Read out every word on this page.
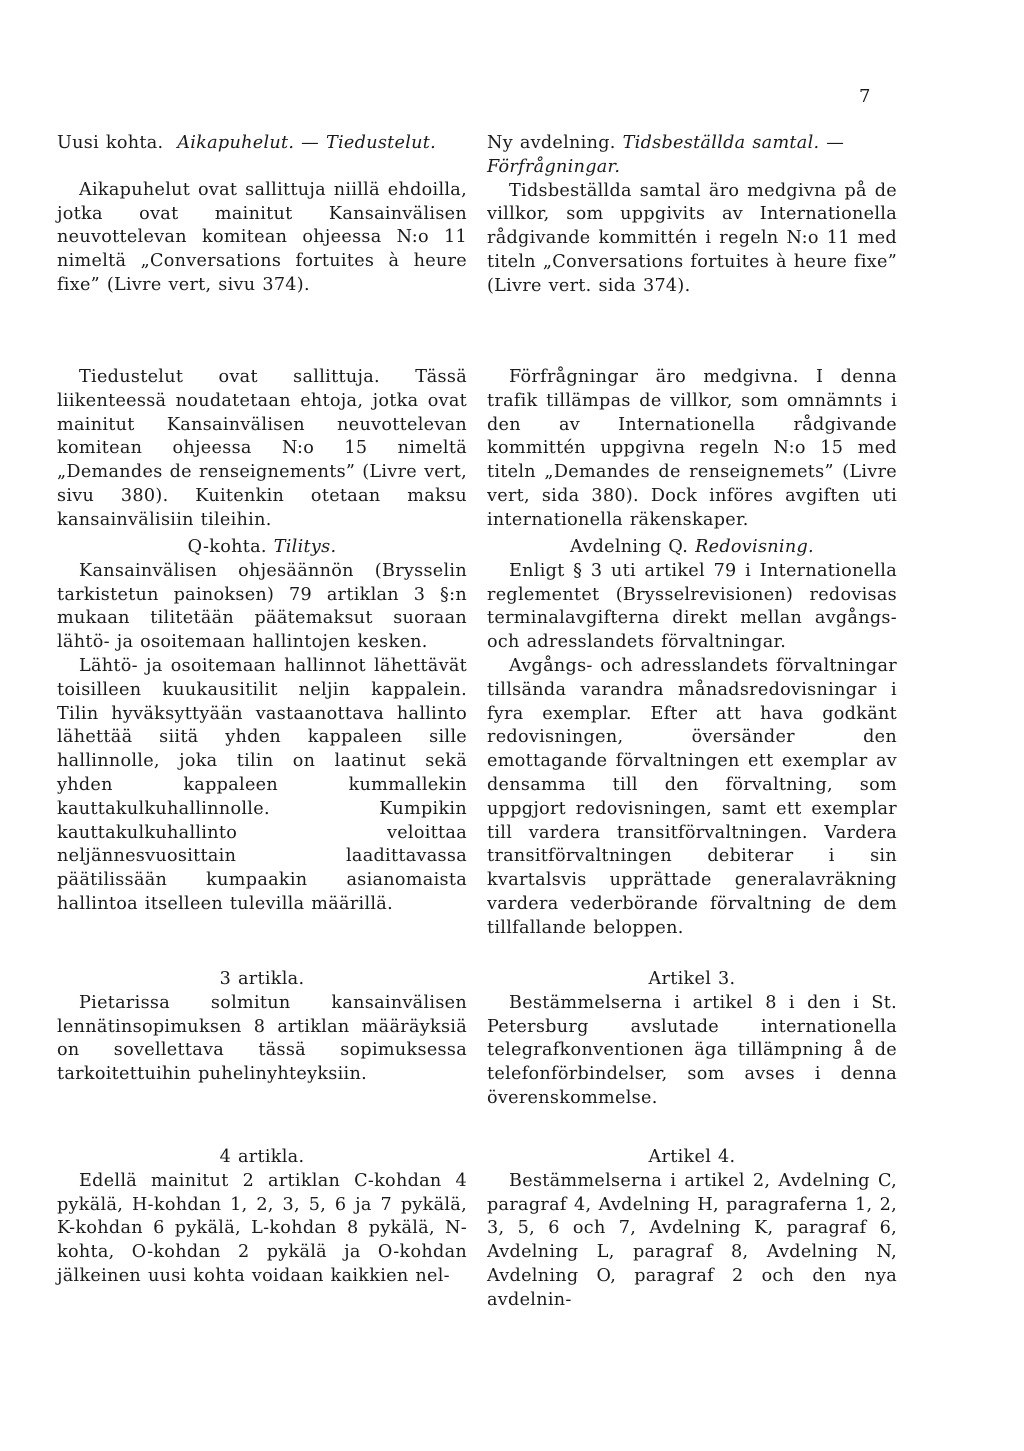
7

Uusi kohta. Aikapuhelut. — Tiedustelut.

Aikapuhelut ovat sallittuja niillä ehdoilla, jotka ovat mainitut Kansainvälisen neuvottelevan komitean ohjeessa N:o 11 nimeltä „Conversations fortuites à heure fixe” (Livre vert, sivu 374).

Tiedustelut ovat sallittuja. Tässä liikenteessä noudatetaan ehtoja, jotka ovat mainitut Kansainvälisen neuvottelevan komitean ohjeessa N:o 15 nimeltä „Demandes de renseignements” (Livre vert, sivu 380). Kuitenkin otetaan maksu kansainvälisiin tileihin.

Q-kohta. Tilitys.

Kansainvälisen ohjesäännön (Brysselin tarkistetun painoksen) 79 artiklan 3 §:n mukaan tilitetään päätemaksut suoraan lähtö- ja osoitemaan hallintojen kesken.

Lähtö- ja osoitemaan hallinnot lähettävät toisilleen kuukausitilit neljin kappalein. Tilin hyväksyttyään vastaanottava hallinto lähettää siitä yhden kappaleen sille hallinnolle, joka tilin on laatinut sekä yhden kappaleen kummallekin kauttakulkuhallinnolle. Kumpikin kauttakulkuhallinto veloittaa neljännesvuosittain laadittavassa päätilissään kumpaakin asianomaista hallintoa itselleen tulevilla määrillä.

3 artikla.

Pietarissa solmitun kansainvälisen lennätinsopimuksen 8 artiklan määräyksiä on sovellettava tässä sopimuksessa tarkoitettuihin puhelinyhteyksiin.

4 artikla.

Edellä mainitut 2 artiklan C-kohdan 4 pykälä, H-kohdan 1, 2, 3, 5, 6 ja 7 pykälä, K-kohdan 6 pykälä, L-kohdan 8 pykälä, N-kohta, O-kohdan 2 pykälä ja O-kohdan jälkeinen uusi kohta voidaan kaikkien nel-

Ny avdelning. Tidsbeställda samtal. — Förfrågningar.

Tidsbeställda samtal äro medgivna på de villkor, som uppgivits av Internationella rådgivande kommittén i regeln N:o 11 med titeln „Conversations fortuites à heure fixe” (Livre vert. sida 374).

Förfrågningar äro medgivna. I denna trafik tillämpas de villkor, som omnämnts i den av Internationella rådgivande kommittén uppgivna regeln N:o 15 med titeln „Demandes de renseignemets” (Livre vert, sida 380). Dock införes avgiften uti internationella räkenskaper.

Avdelning Q. Redovisning.

Enligt § 3 uti artikel 79 i Internationella reglementet (Brysselrevisionen) redovisas terminalavgifterna direkt mellan avgångs- och adresslandets förvaltningar.

Avgångs- och adresslandets förvaltningar tillsända varandra månadsredovisningar i fyra exemplar. Efter att hava godkänt redovisningen, översänder den emottagande förvaltningen ett exemplar av densamma till den förvaltning, som uppgjort redovisningen, samt ett exemplar till vardera transitförvaltningen. Vardera transitförvaltningen debiterar i sin kvartalsvis upprättade generalavräkning vardera vederbörande förvaltning de dem tillfallande beloppen.

Artikel 3.

Bestämmelserna i artikel 8 i den i St. Petersburg avslutade internationella telegrafkonventionen äga tillämpning å de telefonförbindelser, som avses i denna överenskommelse.

Artikel 4.

Bestämmelserna i artikel 2, Avdelning C, paragraf 4, Avdelning H, paragraferna 1, 2, 3, 5, 6 och 7, Avdelning K, paragraf 6, Avdelning L, paragraf 8, Avdelning N, Avdelning O, paragraf 2 och den nya avdelnin-
